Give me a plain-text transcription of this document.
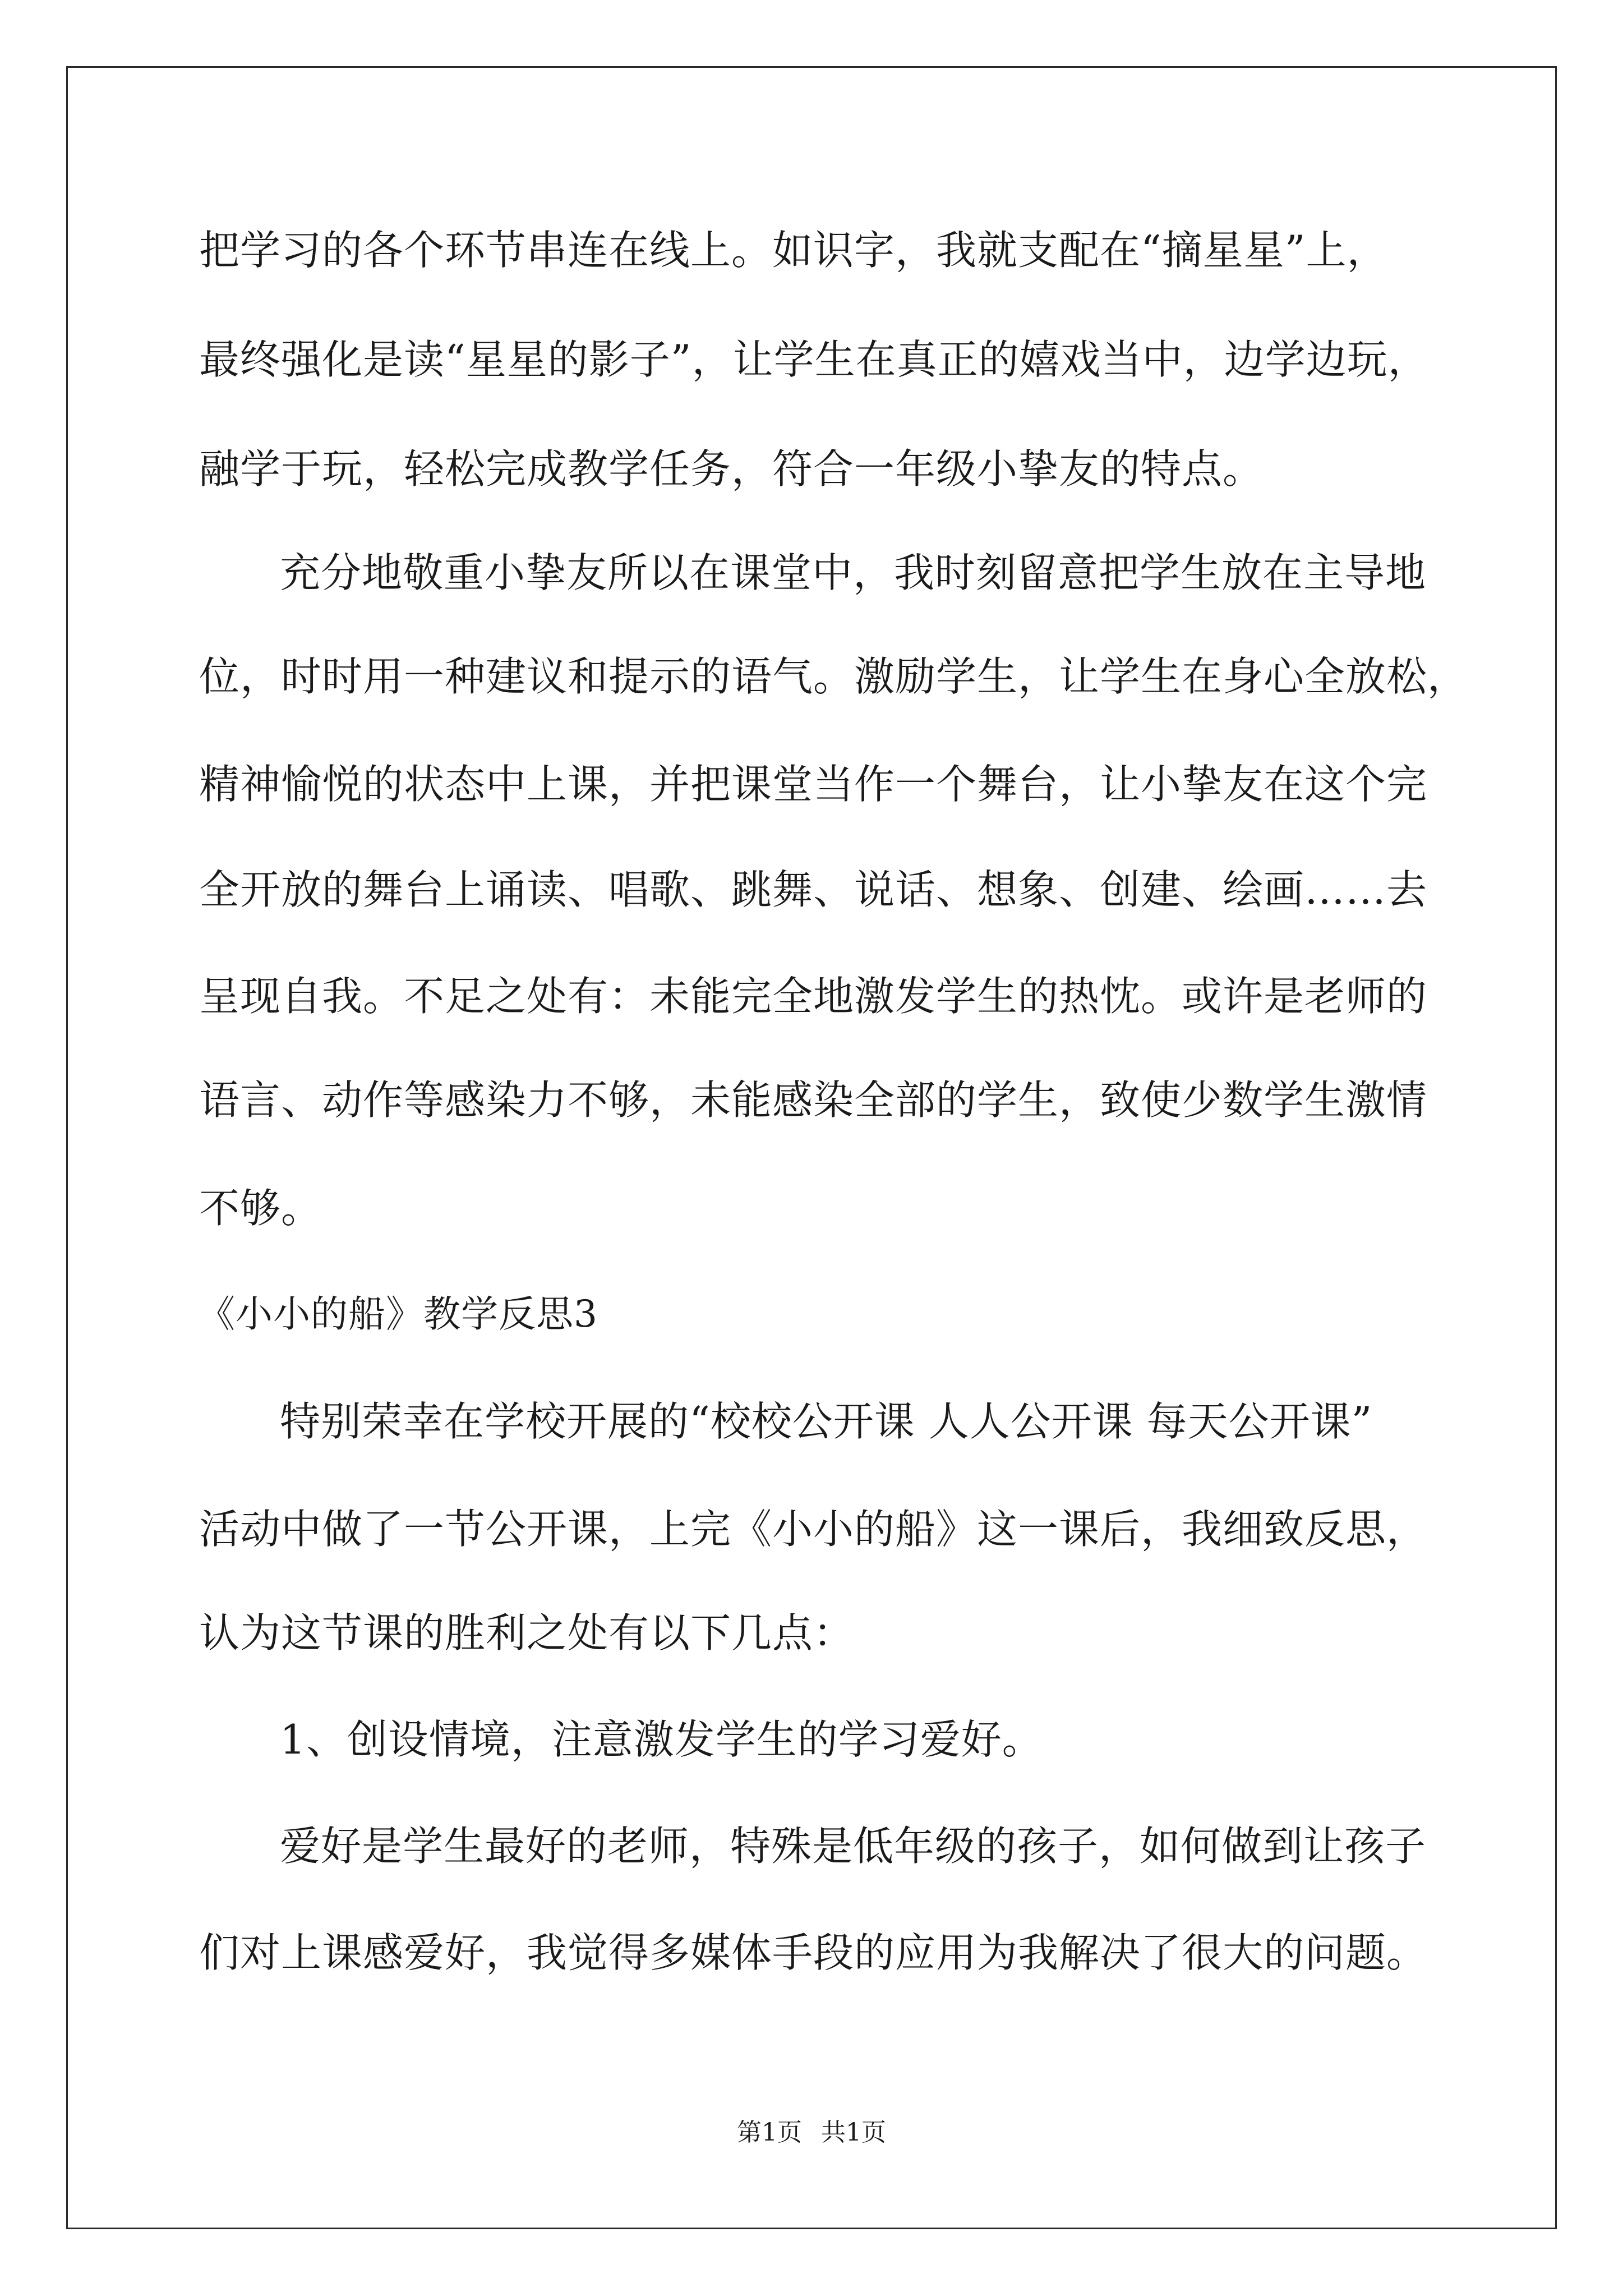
把学习的各个环节串连在线上。如识字，我就支配在“摘星星”上，
最终强化是读“星星的影子”，让学生在真正的嬉戏当中，边学边玩，
融学于玩，轻松完成教学任务，符合一年级小挚友的特点。
充分地敬重小挚友所以在课堂中，我时刻留意把学生放在主导地
位，时时用一种建议和提示的语气。激励学生，让学生在身心全放松，
精神愉悦的状态中上课，并把课堂当作一个舞台，让小挚友在这个完
全开放的舞台上诵读、唱歌、跳舞、说话、想象、创建、绘画……去
呈现自我。不足之处有：未能完全地激发学生的热忱。或许是老师的
语言、动作等感染力不够，未能感染全部的学生，致使少数学生激情
不够。
《小小的船》教学反思3
特别荣幸在学校开展的“校校公开课 人人公开课 每天公开课”
活动中做了一节公开课，上完《小小的船》这一课后，我细致反思，
认为这节课的胜利之处有以下几点：
1、创设情境，注意激发学生的学习爱好。
爱好是学生最好的老师，特殊是低年级的孩子，如何做到让孩子
们对上课感爱好，我觉得多媒体手段的应用为我解决了很大的问题。
第1页 共1页
